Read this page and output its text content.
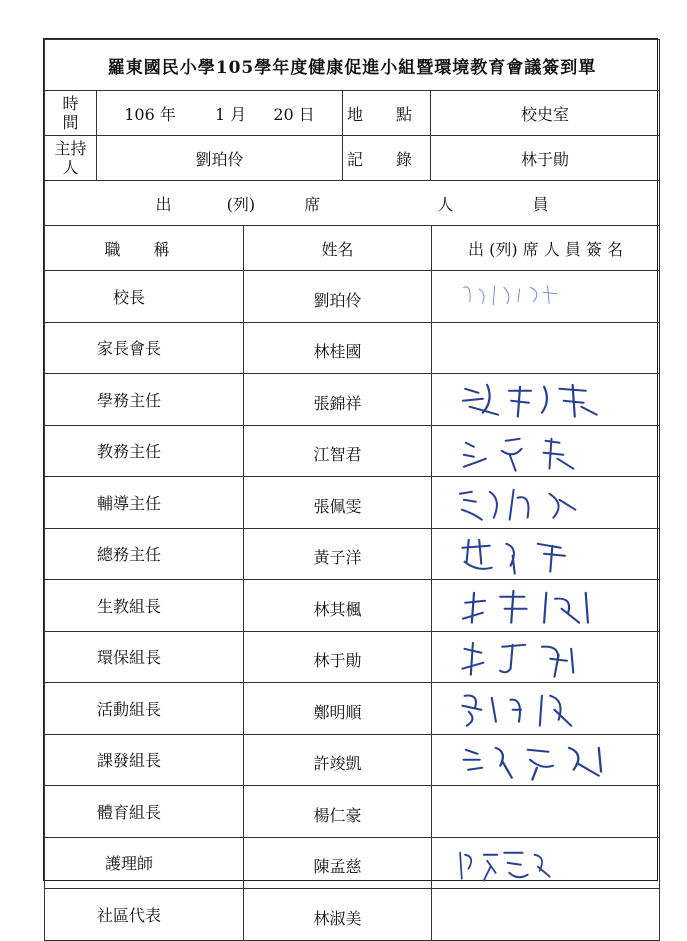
羅東國民小學105學年度健康促進小組暨環境教育會議簽到單			

時
間	106 年 1 月 20 日	地 點	校史室

主持
人	劉珀伶	記 錄	林于勛
出 (列) 席 人 員			
職 稱	姓名	出 (列) 席 人 員 簽 名
校長	劉珀伶	

家長會長	林桂國	
學務主任	張錦祥	

教務主任	江智君	

輔導主任	張佩雯	

總務主任	黃子洋	

生教組長	林其楓	

環保組長	林于勛	

活動組長	鄭明順	

課發組長	許竣凱	

體育組長	楊仁豪	
護理師	陳孟慈	

社區代表	林淑美	
